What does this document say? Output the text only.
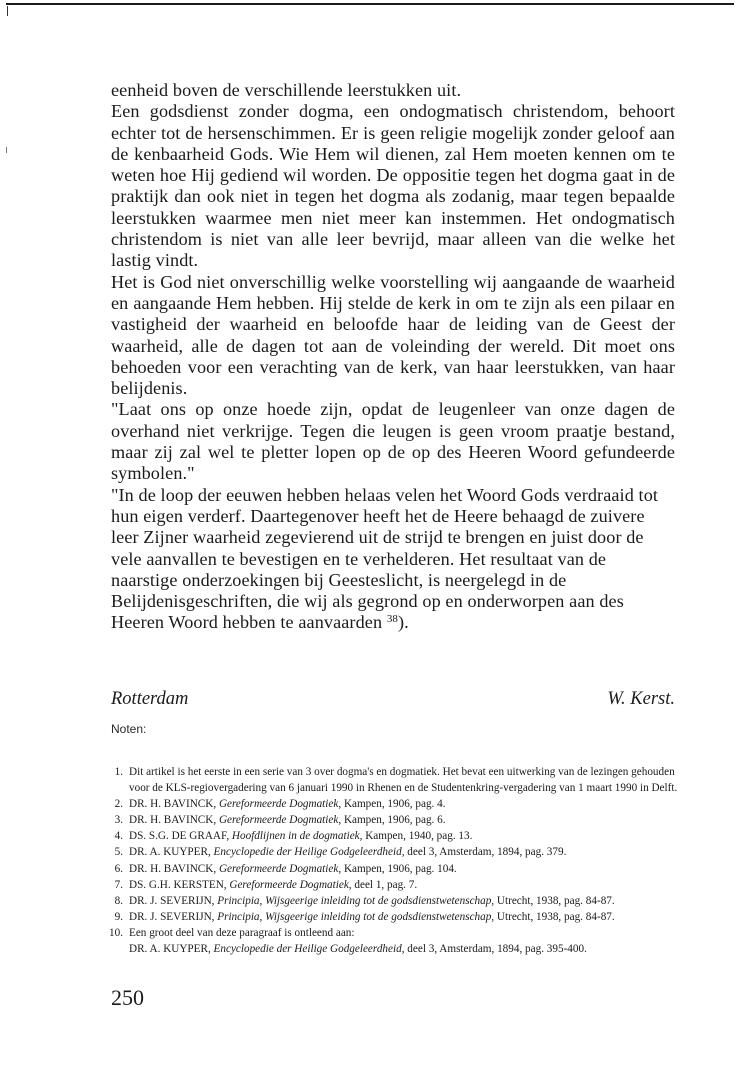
eenheid boven de verschillende leerstukken uit.

Een godsdienst zonder dogma, een ondogmatisch christendom, behoort echter tot de hersenschimmen. Er is geen religie mogelijk zonder geloof aan de kenbaarheid Gods. Wie Hem wil dienen, zal Hem moeten kennen om te weten hoe Hij gediend wil worden. De oppositie tegen het dogma gaat in de praktijk dan ook niet in tegen het dogma als zodanig, maar tegen bepaalde leerstukken waarmee men niet meer kan instemmen. Het ondogmatisch christendom is niet van alle leer bevrijd, maar alleen van die welke het lastig vindt.

Het is God niet onverschillig welke voorstelling wij aangaande de waarheid en aangaande Hem hebben. Hij stelde de kerk in om te zijn als een pilaar en vastigheid der waarheid en beloofde haar de leiding van de Geest der waarheid, alle de dagen tot aan de voleinding der wereld. Dit moet ons behoeden voor een verachting van de kerk, van haar leerstukken, van haar belijdenis.

"Laat ons op onze hoede zijn, opdat de leugenleer van onze dagen de overhand niet verkrijge. Tegen die leugen is geen vroom praatje bestand, maar zij zal wel te pletter lopen op de op des Heeren Woord gefundeerde symbolen."

"In de loop der eeuwen hebben helaas velen het Woord Gods verdraaid tot hun eigen verderf. Daartegenover heeft het de Heere behaagd de zuivere leer Zijner waarheid zegevierend uit de strijd te brengen en juist door de vele aanvallen te bevestigen en te verhelderen. Het resultaat van de naarstige onderzoekingen bij Geesteslicht, is neergelegd in de Belijdenisgeschriften, die wij als gegrond op en onderworpen aan des Heeren Woord hebben te aanvaarden $^{38}$).

Rotterdam	W. Kerst.
Noten:
1. Dit artikel is het eerste in een serie van 3 over dogma's en dogmatiek. Het bevat een uitwerking van de lezingen gehouden voor de KLS-regiovergadering van 6 januari 1990 in Rhenen en de Studentenkring-vergadering van 1 maart 1990 in Delft.
2. DR. H. BAVINCK, Gereformeerde Dogmatiek, Kampen, 1906, pag. 4.
3. DR. H. BAVINCK, Gereformeerde Dogmatiek, Kampen, 1906, pag. 6.
4. DS. S.G. DE GRAAF, Hoofdlijnen in de dogmatiek, Kampen, 1940, pag. 13.
5. DR. A. KUYPER, Encyclopedie der Heilige Godgeleerdheid, deel 3, Amsterdam, 1894, pag. 379.
6. DR. H. BAVINCK, Gereformeerde Dogmatiek, Kampen, 1906, pag. 104.
7. DS. G.H. KERSTEN, Gereformeerde Dogmatiek, deel 1, pag. 7.
8. DR. J. SEVERIJN, Principia, Wijsgeerige inleiding tot de godsdienstwetenschap, Utrecht, 1938, pag. 84-87.
9. DR. J. SEVERIJN, Principia, Wijsgeerige inleiding tot de godsdienstwetenschap, Utrecht, 1938, pag. 84-87.
10. Een groot deel van deze paragraaf is ontleend aan:
DR. A. KUYPER, Encyclopedie der Heilige Godgeleerdheid, deel 3, Amsterdam, 1894, pag. 395-400.
250
